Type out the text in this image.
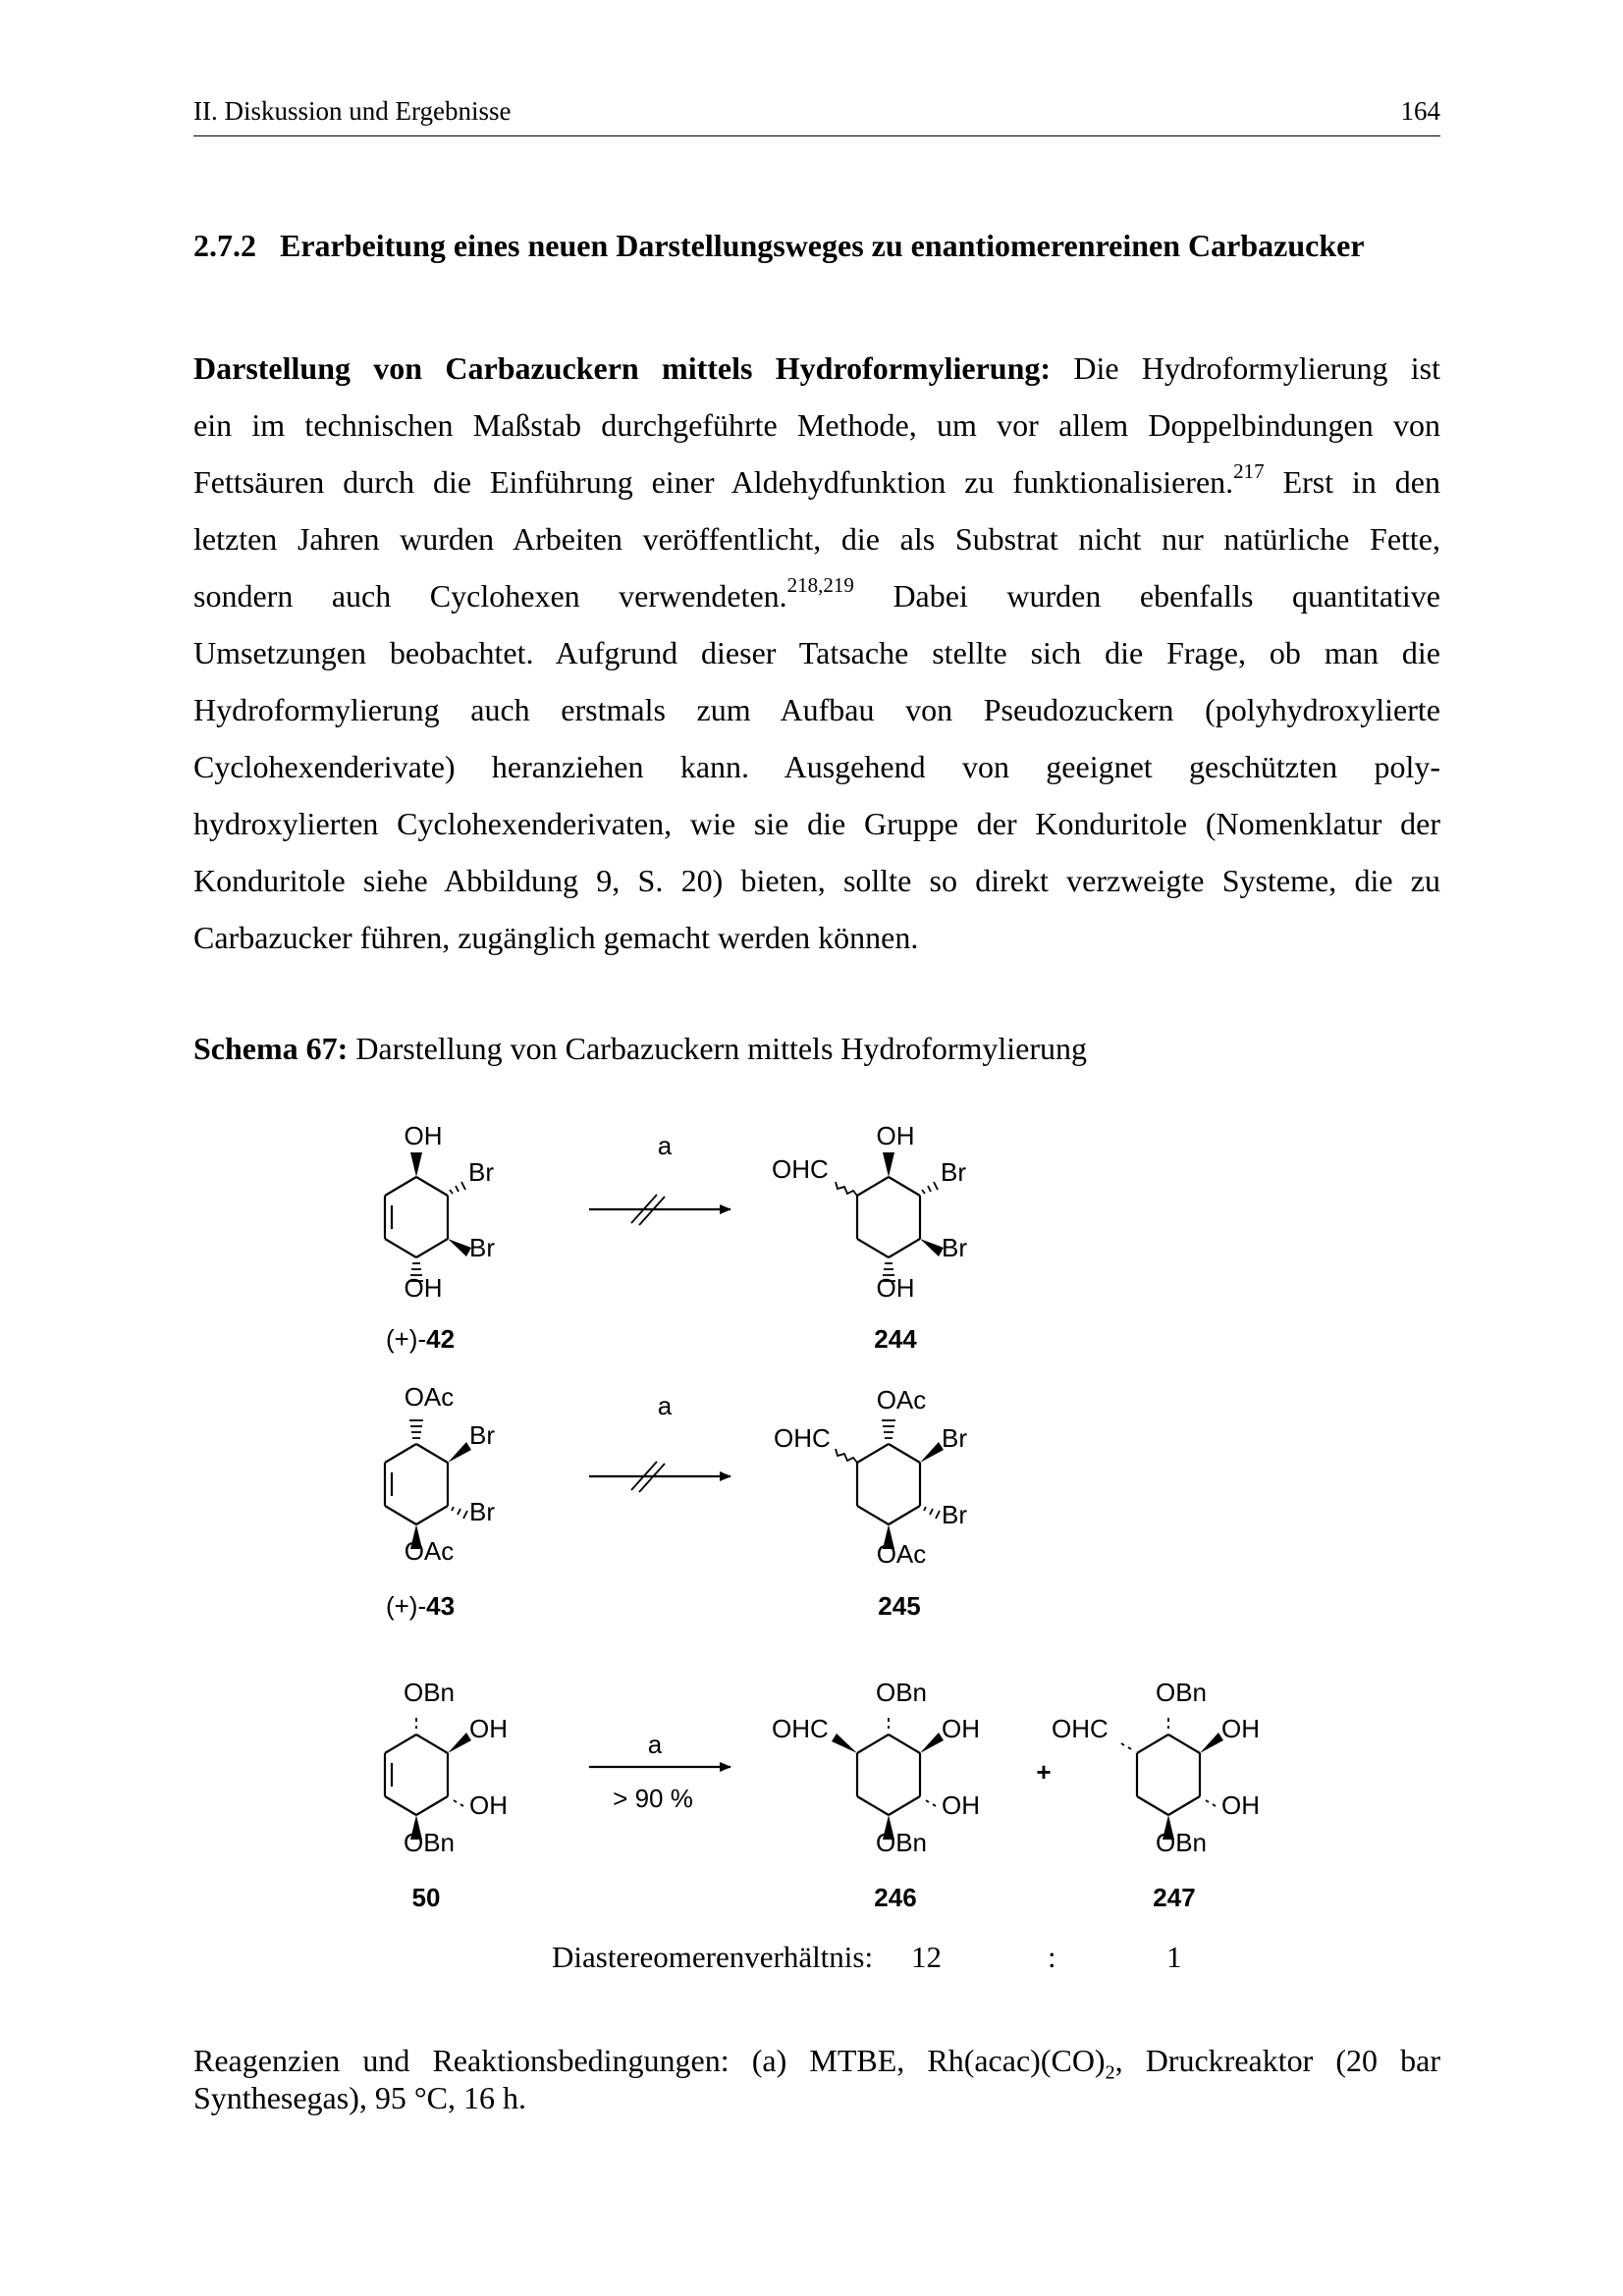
II. Diskussion und Ergebnisse	164
2.7.2 Erarbeitung eines neuen Darstellungsweges zu enantiomerenreinen Carbazucker
Darstellung von Carbazuckern mittels Hydroformylierung: Die Hydroformylierung ist
ein im technischen Maßstab durchgeführte Methode, um vor allem Doppelbindungen von
Fettsäuren durch die Einführung einer Aldehydfunktion zu funktionalisieren.$^{217}$ Erst in den
letzten Jahren wurden Arbeiten veröffentlicht, die als Substrat nicht nur natürliche Fette,
sondern auch Cyclohexen verwendeten.$^{218,219}$ Dabei wurden ebenfalls quantitative
Umsetzungen beobachtet. Aufgrund dieser Tatsache stellte sich die Frage, ob man die
Hydroformylierung auch erstmals zum Aufbau von Pseudozuckern (polyhydroxylierte
Cyclohexenderivate) heranziehen kann. Ausgehend von geeignet geschützten poly-
hydroxylierten Cyclohexenderivaten, wie sie die Gruppe der Konduritole (Nomenklatur der
Konduritole siehe Abbildung 9, S. 20) bieten, sollte so direkt verzweigte Systeme, die zu
Carbazucker führen, zugänglich gemacht werden können.
Schema 67: Darstellung von Carbazuckern mittels Hydroformylierung
OH
Br
Br
OH
a
OHC
OH
Br
Br
OH
OAc
Br
Br
OAc
a
OHC
OAc
Br
Br
OAc
OBn
OH
OH
OBn
a
> 90 %
OHC
OBn
OH
OH
OBn
+
OHC
OBn
OH
OH
OBn
(+)-42	244
(+)-43	245
50	246	247
Diastereomerenverhältnis: 12	:	1
Reagenzien und Reaktionsbedingungen: (a) MTBE, $Rh(acac)(CO)_2$, Druckreaktor (20 bar
Synthesegas), 95 °C, 16 h.
